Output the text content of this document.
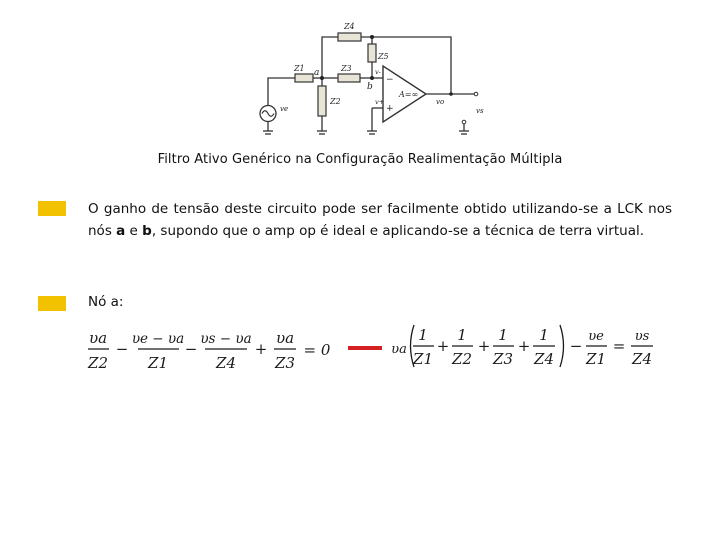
Z4
Z5
Z1	Z3
Z2
a
b
v-
v+
−
+
A=∞
ve
vo
vs
Filtro Ativo Genérico na Configuração Realimentação Múltipla
O ganho de tensão deste circuito pode ser facilmente obtido utilizando-se a LCK nos nós a e b, supondo que o amp op é ideal e aplicando-se a técnica de terra virtual.
Nó a:
υa
Z2
−
υe − υa
Z1
−
υs − υa
Z4
+
υa
Z3
= 0	υa
1
Z1
+
1
Z2
+
1
Z3
+
1
Z4
−
υe
Z1
=
υs
Z4
